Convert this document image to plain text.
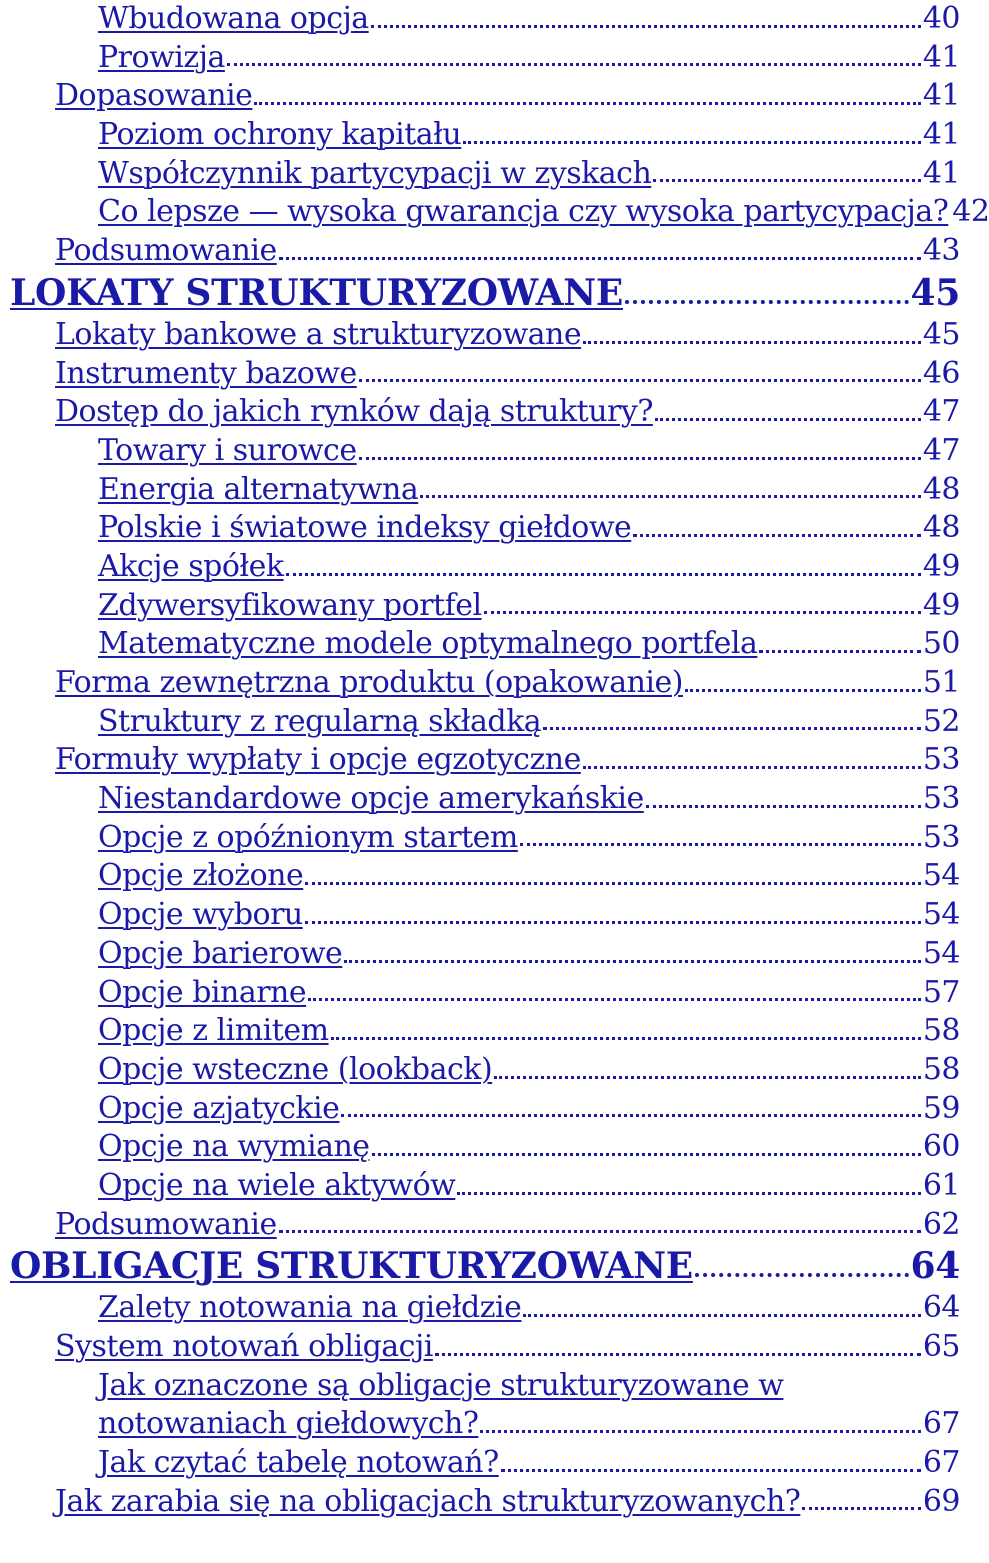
Wbudowana opcja	40
Prowizja	41
Dopasowanie	41
Poziom ochrony kapitału	41
Współczynnik partycypacji w zyskach	41
Co lepsze — wysoka gwarancja czy wysoka partycypacja? 42
Podsumowanie	43
LOKATY STRUKTURYZOWANE	45
Lokaty bankowe a strukturyzowane	45
Instrumenty bazowe	46
Dostęp do jakich rynków dają struktury?	47
Towary i surowce	47
Energia alternatywna	48
Polskie i światowe indeksy giełdowe	48
Akcje spółek	49
Zdywersyfikowany portfel	49
Matematyczne modele optymalnego portfela	50
Forma zewnętrzna produktu (opakowanie)	51
Struktury z regularną składką	52
Formuły wypłaty i opcje egzotyczne	53
Niestandardowe opcje amerykańskie	53
Opcje z opóźnionym startem	53
Opcje złożone	54
Opcje wyboru	54
Opcje barierowe	54
Opcje binarne	57
Opcje z limitem	58
Opcje wsteczne (lookback)	58
Opcje azjatyckie	59
Opcje na wymianę	60
Opcje na wiele aktywów	61
Podsumowanie	62
OBLIGACJE STRUKTURYZOWANE	64
Zalety notowania na giełdzie	64
System notowań obligacji	65
Jak oznaczone są obligacje strukturyzowane w
notowaniach giełdowych?	67
Jak czytać tabelę notowań?	67
Jak zarabia się na obligacjach strukturyzowanych?	69
